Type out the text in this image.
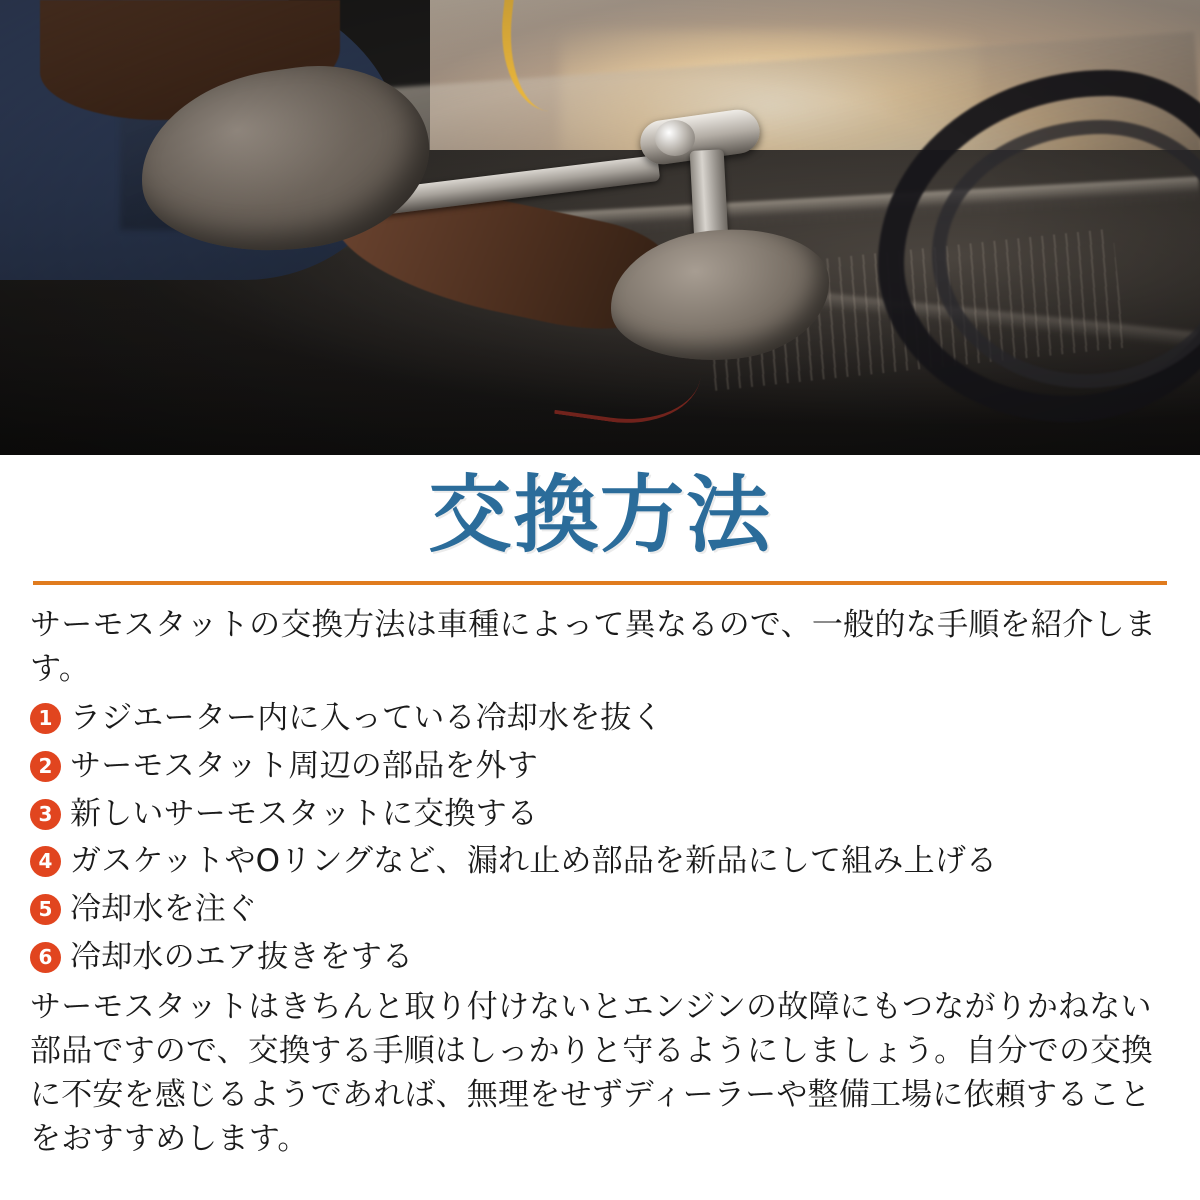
交換方法

サーモスタットの交換方法は車種によって異なるので、一般的な手順を紹介します。

1 ラジエーター内に入っている冷却水を抜く
2 サーモスタット周辺の部品を外す
3 新しいサーモスタットに交換する
4 ガスケットやOリングなど、漏れ止め部品を新品にして組み上げる
5 冷却水を注ぐ
6 冷却水のエア抜きをする

サーモスタットはきちんと取り付けないとエンジンの故障にもつながりかねない部品ですので、交換する手順はしっかりと守るようにしましょう。自分での交換に不安を感じるようであれば、無理をせずディーラーや整備工場に依頼することをおすすめします。
